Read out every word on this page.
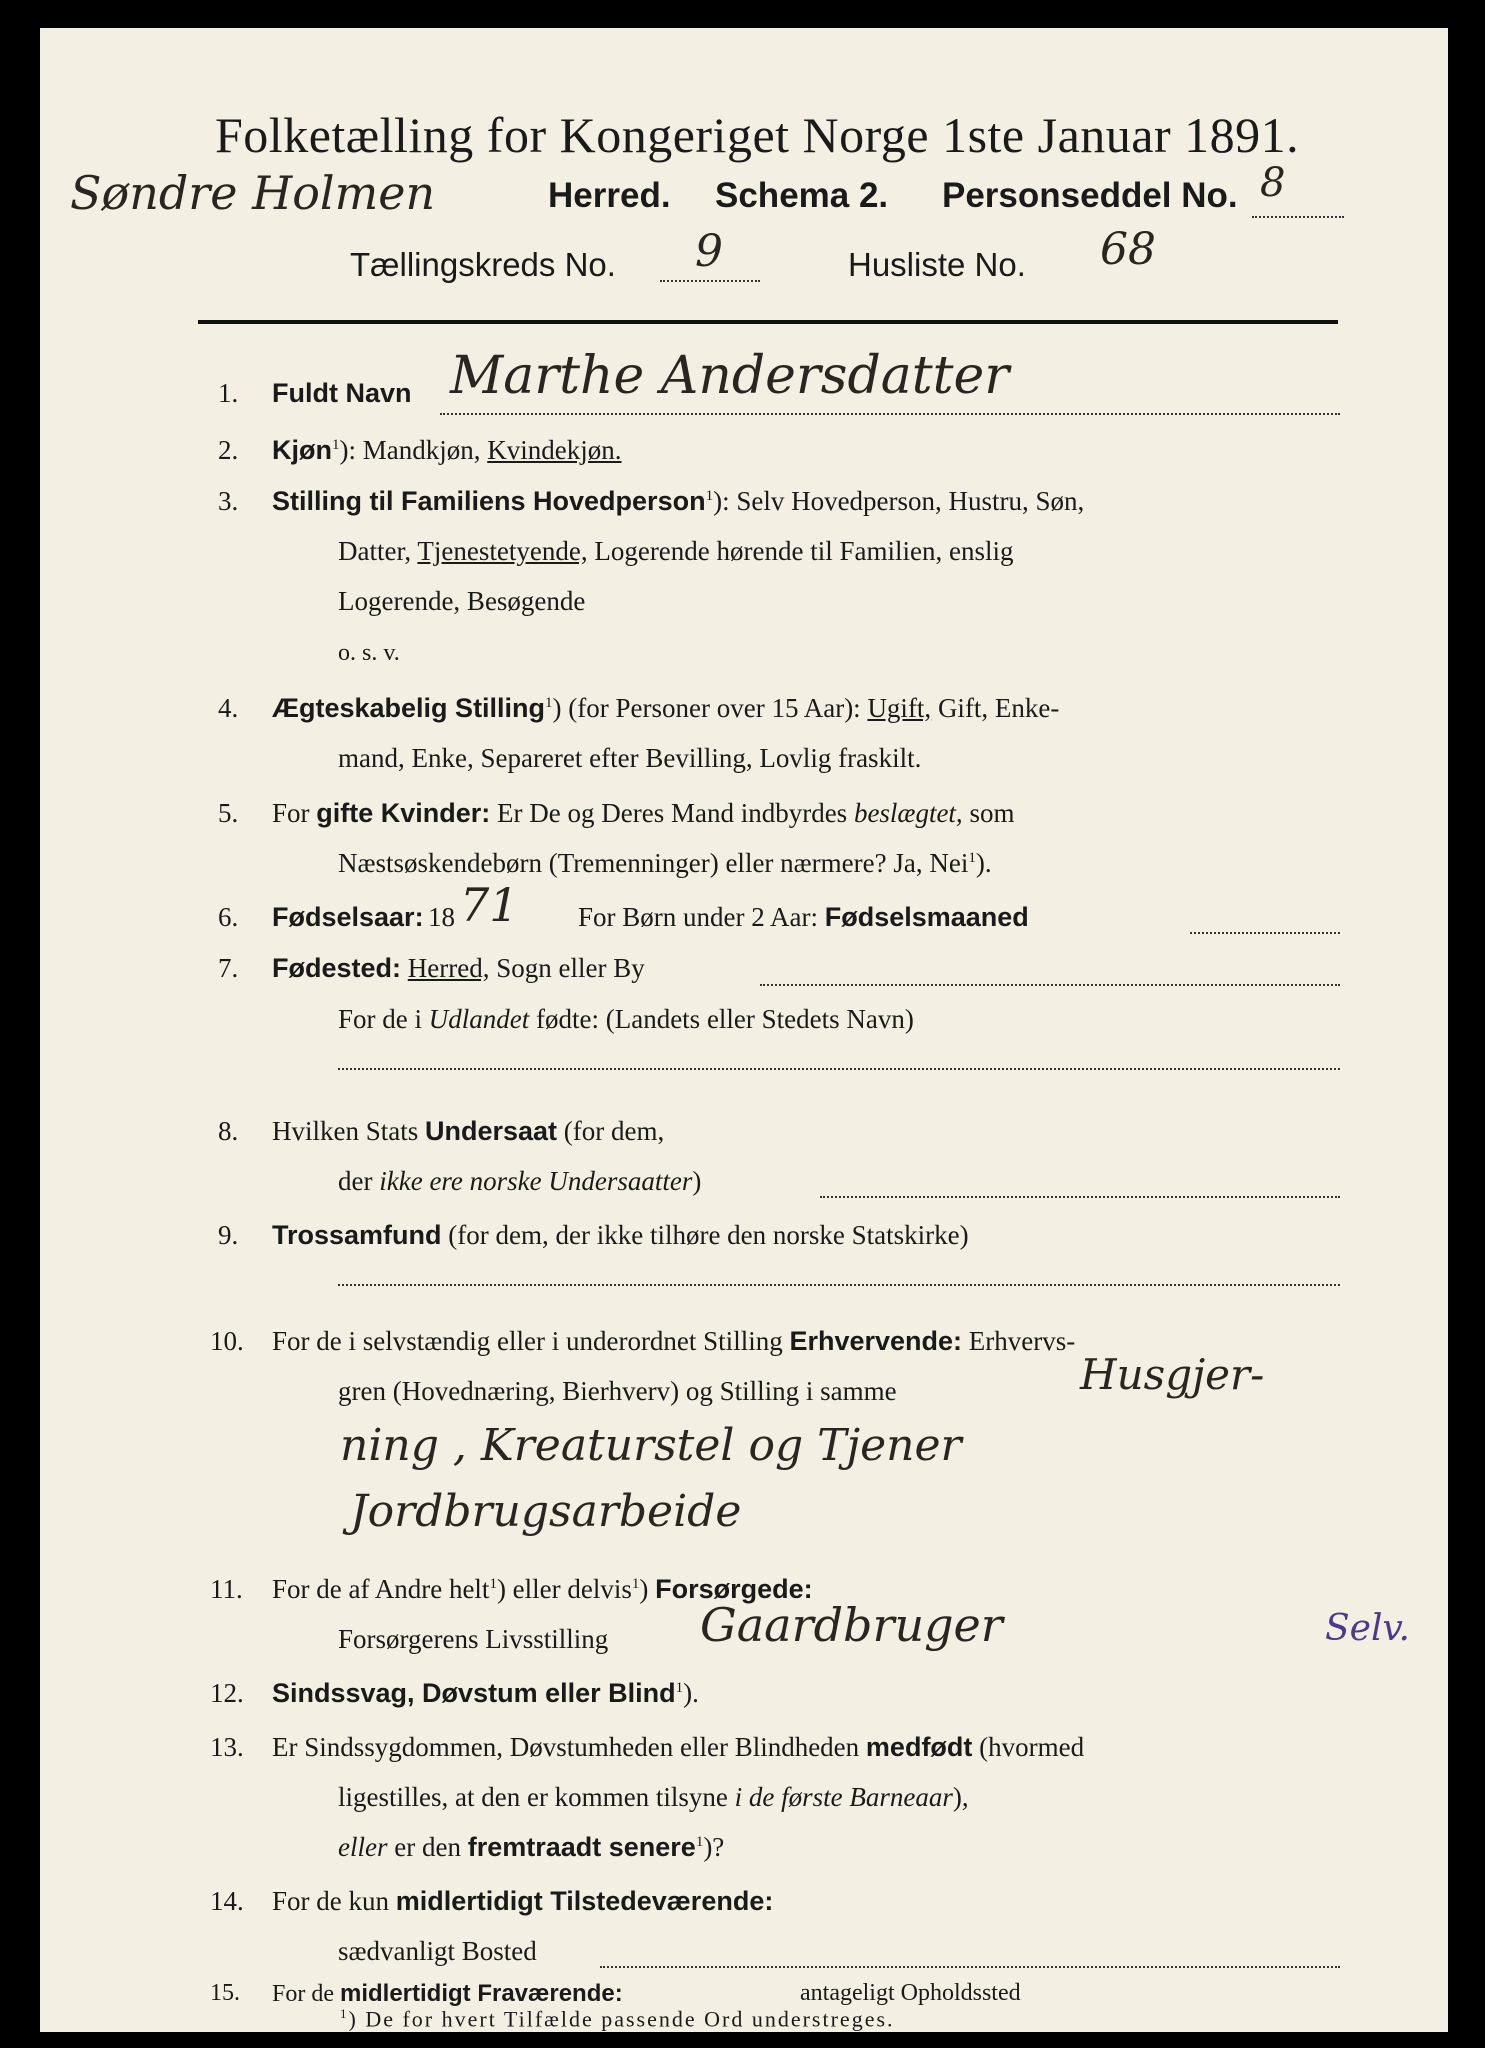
Folketælling for Kongeriget Norge 1ste Januar 1891.
Søndre Holmen	Herred. Schema 2. Personseddel No. 8
Tællingskreds No. 9	Husliste No. 68
1. Fuldt Navn Marthe Andersdatter
2. Kjøn$^1$): Mandkjøn, Kvindekjøn.
3. Stilling til Familiens Hovedperson$^1$): Selv Hovedperson, Hustru, Søn,
Datter, Tjenestetyende, Logerende hørende til Familien, enslig
Logerende, Besøgende
o. s. v.
4. Ægteskabelig Stilling$^1$) (for Personer over 15 Aar): Ugift, Gift, Enke-
mand, Enke, Separeret efter Bevilling, Lovlig fraskilt.
5. For gifte Kvinder: Er De og Deres Mand indbyrdes beslægtet, som
Næstsøskendebørn (Tremenninger) eller nærmere? Ja, Nei$^1$).
6. Fødselsaar: 18 71 For Børn under 2 Aar: Fødselsmaaned
7. Fødested: Herred, Sogn eller By
For de i Udlandet fødte: (Landets eller Stedets Navn)
8. Hvilken Stats Undersaat (for dem,
der ikke ere norske Undersaatter)
9. Trossamfund (for dem, der ikke tilhøre den norske Statskirke)
10. For de i selvstændig eller i underordnet Stilling Erhvervende: Erhvervs-
gren (Hovednæring, Bierhverv) og Stilling i samme	Husgjer-
ning , Kreaturstel og Tjener
Jordbrugsarbeide
11. For de af Andre helt$^1$) eller delvis$^1$) Forsørgede:
Forsørgerens Livsstilling Gaardbruger	Selv.
12. Sindssvag, Døvstum eller Blind$^1$).
13. Er Sindssygdommen, Døvstumheden eller Blindheden medfødt (hvormed
ligestilles, at den er kommen tilsyne i de første Barneaar),
eller er den fremtraadt senere$^1$)?
14. For de kun midlertidigt Tilstedeværende:
sædvanligt Bosted
15. For de midlertidigt Fraværende:	antageligt Opholdssted
$^1$) De for hvert Tilfælde passende Ord understreges.
